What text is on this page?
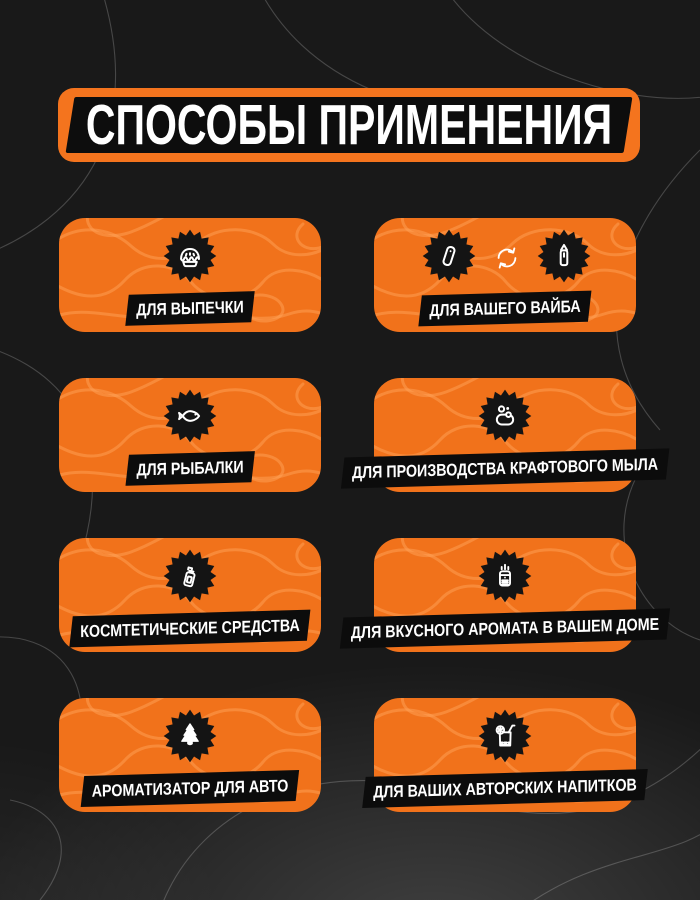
СПОСОБЫ ПРИМЕНЕНИЯ
ДЛЯ ВЫПЕЧКИ	ДЛЯ ВАШЕГО ВАЙБА
ДЛЯ РЫБАЛКИ	ДЛЯ ПРОИЗВОДСТВА КРАФТОВОГО МЫЛА
КОСМТЕТИЧЕСКИЕ СРЕДСТВА	ДЛЯ ВКУСНОГО АРОМАТА В ВАШЕМ ДОМЕ
АРОМАТИЗАТОР ДЛЯ АВТО	ДЛЯ ВАШИХ АВТОРСКИХ НАПИТКОВ
